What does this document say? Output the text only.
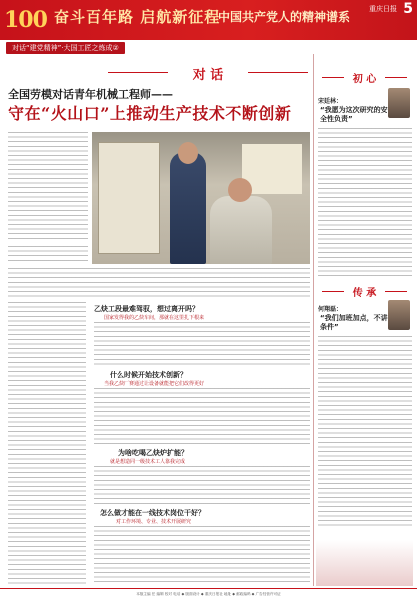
100 奋斗百年路 启航新征程
中国共产党人的精神谱系
重庆日报 5
对话“建党精神”·大国工匠之炼成②
对 话
全国劳模对话青年机械工程师——
守在“火山口”上推动生产技术不断创新
乙炔工段最难驾驭，想过离开吗？
国家发得我的乙炔车间，那就在这里扎下根来
什么时候开始技术创新？
当我乙炔厂赛通过让设备就能把它们改得更好
为啥吃喝乙炔炉扩能？
就是想造同一级技术工人靠我完成
怎么做才能在一线技术岗位干好？
对工作环境、专业、技术开展研究
初 心
宋廷林：
“我愿为这次研究的安全性负责”
传 承
何翔磊：
“我们加班加点，不讲条件”
本版主编 任 编辑 校对 电话 ◆ 版面设计 ◆ 重庆日报社 地址 ◆ 邮政编码 ◆ 广告经营许可证
